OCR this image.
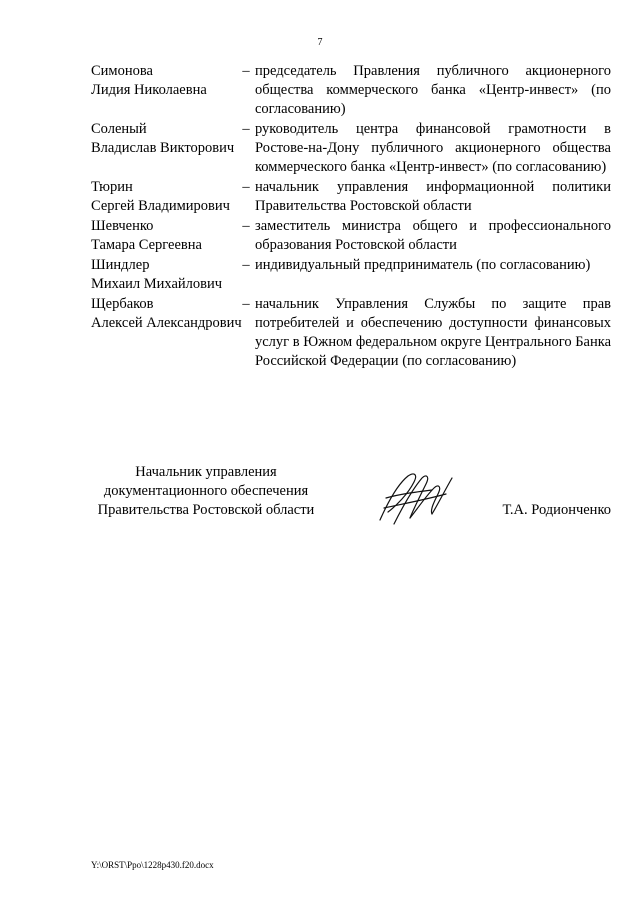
7
Симонова
Лидия Николаевна
– председатель Правления публичного акционерного общества коммерческого банка «Центр-инвест» (по согласованию)
Соленый
Владислав Викторович
– руководитель центра финансовой грамотности в Ростове-на-Дону публичного акционерного общества коммерческого банка «Центр-инвест» (по согласованию)
Тюрин
Сергей Владимирович
– начальник управления информационной политики Правительства Ростовской области
Шевченко
Тамара Сергеевна
– заместитель министра общего и профессионального образования Ростовской области
Шиндлер
Михаил Михайлович
– индивидуальный предприниматель (по согласованию)
Щербаков
Алексей Александрович
– начальник Управления Службы по защите прав потребителей и обеспечению доступности финансовых услуг в Южном федеральном округе Центрального Банка Российской Федерации (по согласованию)
Начальник управления
документационного обеспечения
Правительства Ростовской области	Т.А. Родионченко
Y:\ORST\Ppo\1228p430.f20.docx
